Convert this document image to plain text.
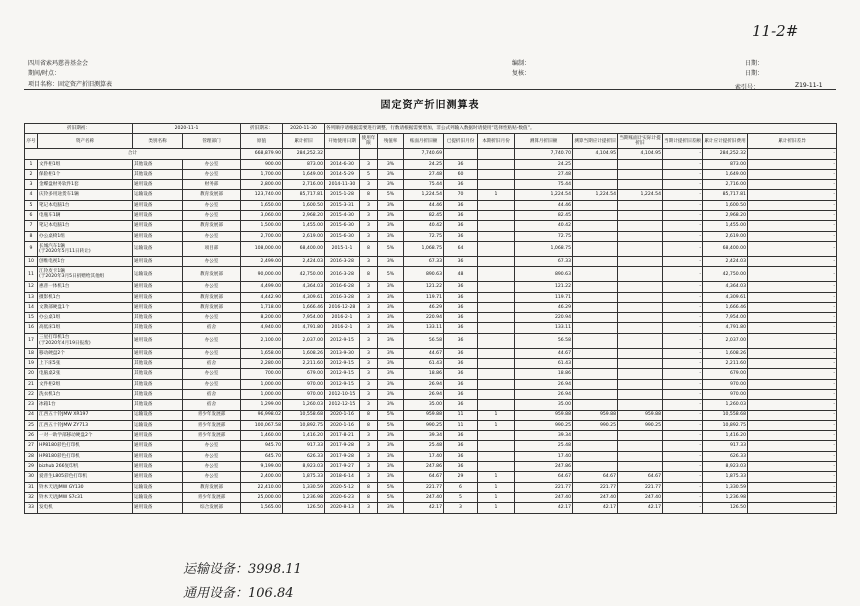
11-2#
运输设备：3998.11
通用设备：106.84
四川省索玛慈善基金会
期间/时点：
项目名称：固定资产折旧测算表
编制：
复核：
日期：
日期：
索引号：	Z19-11-1
固定资产折旧测算表
折旧期初：		2020-11-1		折旧期末：	2020-11-30	各列顺序请根据需要进行调整，行数请根据需要增加，非公式列输入数据时请使用“选择性粘贴-数值”。											
序号	资产名称	类别名称	管理部门	原值	累计折旧	开始使用日期	使用年限	残值率	账面月折旧额	已提折旧月份	本期折旧月份	测算月折旧额	测算当期应计提折旧	当期账面计实际计提折旧	当期计提折旧差额	累计应计提折旧费用	累计折旧差异
合计				668,879.90	284,252.32				7,740.69			7,740.70	4,104.95	4,104.95	-	284,252.32	-
1	文件柜1组	其他设备	办公室	900.00	873.00	2014-6-30	3	3%	24.25	36		24.25			-	873.00	-
2	保险柜1个	其他设备	办公室	1,700.00	1,649.00	2014-5-29	5	3%	27.48	60		27.48			-	1,649.00	-
3	金蝶盘财务软件1套	通用设备	财务部	2,800.00	2,716.00	2014-11-30	3	3%	75.44	36		75.44			-	2,716.00	-
4	庆铃多用途货车1辆	运输设备	教育发展部	123,740.00	85,717.81	2015-1-28	8	5%	1,224.54	70	1	1,224.54	1,224.54	1,224.54	-	85,717.81	-
5	笔记本电脑1台	通用设备	办公室	1,650.00	1,600.50	2015-3-31	3	3%	44.46	36		44.46			-	1,600.50	-
6	电瓶车1辆	通用设备	办公室	3,060.00	2,968.20	2015-4-30	3	3%	82.45	36		82.45			-	2,968.20	-
7	笔记本电脑1台	通用设备	教育发展部	1,500.00	1,455.00	2015-6-30	3	3%	40.42	36		40.42			-	1,455.00	-
8	办公桌椅1组	通用设备	办公室	2,700.00	2,619.00	2015-6-30	3	3%	72.75	36		72.75			-	2,619.00	-
9	长城汽车1辆
(于2020年5月11日转让)	运输设备	项目部	108,000.00	68,400.00	2015-1-1	8	5%	1,068.75	64		1,068.75			-	68,400.00	-
10	创维电视1台	通用设备	办公室	2,499.00	2,424.03	2016-3-28	3	3%	67.33	36		67.33			-	2,424.03	-
11	江铃皮卡1辆
(于2020年3月5日捐赠给其他组	运输设备	教育发展部	90,000.00	42,750.00	2016-3-28	8	5%	890.63	48		890.63			-	42,750.00	-
12	惠普一体机1台	通用设备	办公室	4,499.00	4,364.03	2016-6-28	3	3%	121.22	36		121.22			-	4,364.03	-
13	摄影机1台	通用设备	教育发展部	4,442.90	4,309.61	2016-3-28	3	3%	119.71	36		119.71			-	4,309.61	-
14	文教部硬盘1个	通用设备	教育发展部	1,718.00	1,666.46	2016-12-28	3	3%	46.29	36		46.29			-	1,666.46	-
15	办公桌1组	其他设备	办公室	8,200.00	7,954.00	2016-2-1	3	3%	220.94	36		220.94			-	7,954.00	-
16	高低床1组	其他设备	宿舍	4,940.00	4,791.80	2016-2-1	3	3%	133.11	36		133.11			-	4,791.80	-
17	三星打印机1台
(于2020年4月19日报废)	通用设备	办公室	2,100.00	2,037.00	2012-9-15	3	3%	56.58	36		56.58			-	2,037.00	-
18	移动硬盘2个	通用设备	办公室	1,658.00	1,608.26	2013-9-30	3	3%	44.67	36		44.67			-	1,608.26	-
19	上下床5张	其他设备	宿舍	2,280.00	2,211.60	2012-9-15	3	3%	61.43	36		61.43			-	2,211.60	-
20	电脑桌2张	其他设备	办公室	700.00	679.00	2012-9-15	3	3%	18.86	36		18.86			-	679.00	-
21	文件柜2组	其他设备	办公室	1,000.00	970.00	2012-9-15	3	3%	26.94	36		26.94			-	970.00	-
22	洗衣机1台	其他设备	宿舍	1,000.00	970.00	2012-10-15	3	3%	26.94	36		26.94			-	970.00	-
23	冰箱1台	其他设备	宿舍	1,299.00	1,260.03	2012-12-15	3	3%	35.00	36		35.00			-	1,260.03	-
24	江西五十铃JMW XR197	运输设备	青少年发展部	96,998.02	10,558.68	2020-1-16	8	5%	959.88	11	1	959.88	959.88	959.88	-	10,558.68	-
25	江西五十铃JMW ZY713	运输设备	青少年发展部	100,067.58	10,892.75	2020-1-16	8	5%	990.25	11	1	990.25	990.25	990.25	-	10,892.75	-
26	一对一助学部移动硬盘2个	通用设备	青少年发展部	1,460.00	1,416.20	2017-8-21	3	3%	39.34	36		39.34			-	1,416.20	-
27	HP8180彩色打印机	通用设备	办公室	945.70	917.33	2017-9-28	3	3%	25.48	36		25.48			-	917.33	-
28	HP8180彩色打印机	通用设备	办公室	645.70	626.33	2017-9-28	3	3%	17.40	36		17.40			-	626.33	-
29	bizhub 266复印机	通用设备	办公室	9,199.00	8,923.03	2017-9-27	3	3%	247.86	36		247.86			-	8,923.03	-
30	爱普生L805彩色打印机	通用设备	办公室	2,400.00	1,875.33	2018-6-14	3	3%	64.67	29	1	64.67	64.67	64.67	-	1,875.33	-
31	铃木天语JMW GY130	运输设备	教育发展部	22,410.00	1,330.59	2020-5-12	8	5%	221.77	6	1	221.77	221.77	221.77	-	1,330.59	-
32	铃木天语JMW S7c31	运输设备	青少年发展部	25,000.00	1,236.98	2020-6-23	8	5%	247.40	5	1	247.40	247.40	247.40	-	1,236.98	-
33	发电机	通用设备	综合发展部	1,565.00	126.50	2020-8-13	3	3%	42.17	3	1	42.17	42.17	42.17	-	126.50	-
